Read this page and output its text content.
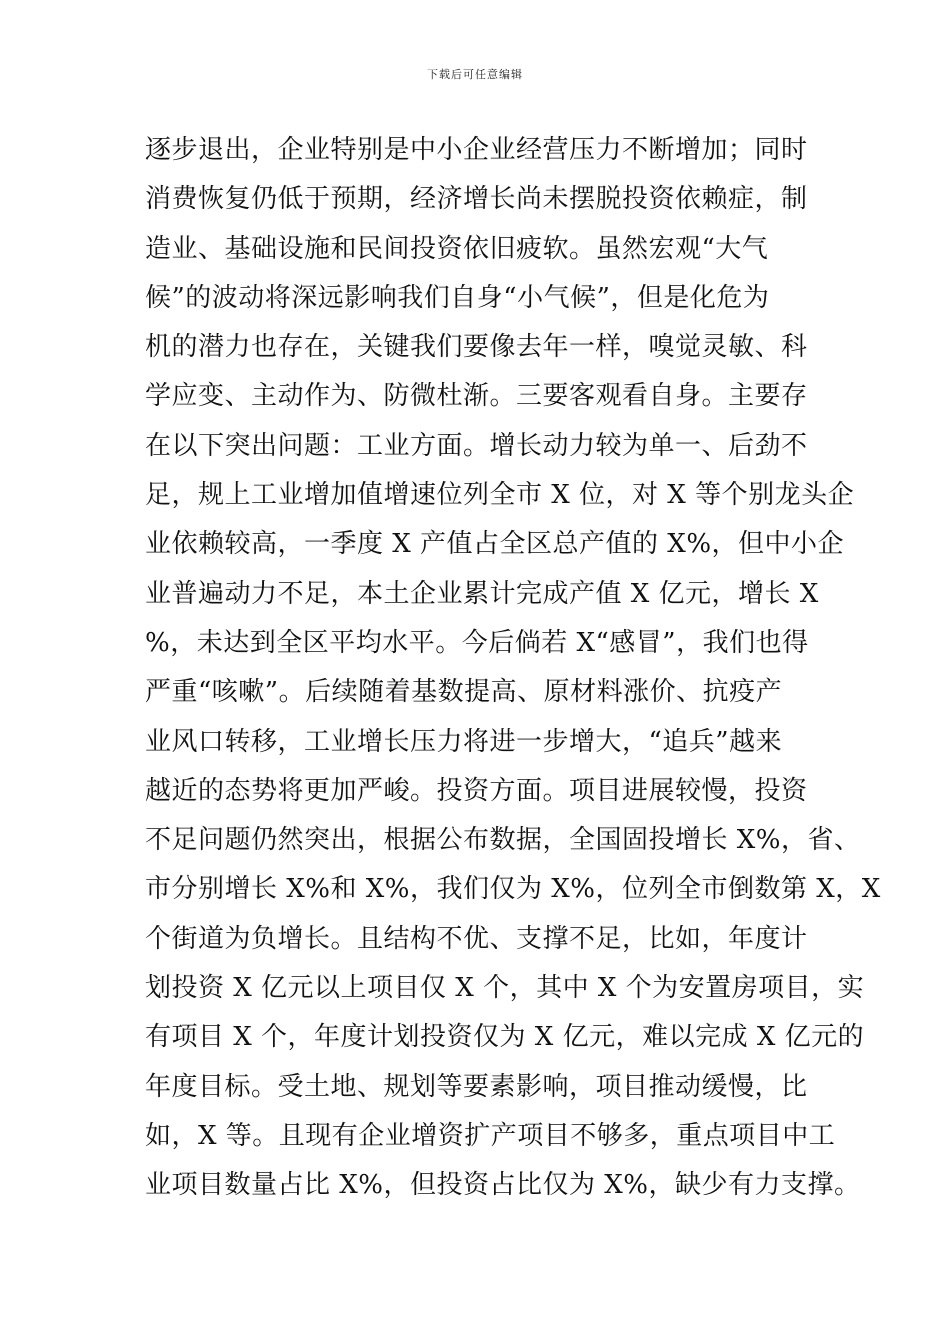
下载后可任意编辑
逐步退出，企业特别是中小企业经营压力不断增加；同时
消费恢复仍低于预期，经济增长尚未摆脱投资依赖症，制
造业、基础设施和民间投资依旧疲软。虽然宏观“大气
候”的波动将深远影响我们自身“小气候”，但是化危为
机的潜力也存在，关键我们要像去年一样，嗅觉灵敏、科
学应变、主动作为、防微杜渐。三要客观看自身。主要存
在以下突出问题：工业方面。增长动力较为单一、后劲不
足，规上工业增加值增速位列全市 X 位，对 X 等个别龙头企
业依赖较高，一季度 X 产值占全区总产值的 X%，但中小企
业普遍动力不足，本土企业累计完成产值 X 亿元，增长 X
%，未达到全区平均水平。今后倘若 X“感冒”，我们也得
严重“咳嗽”。后续随着基数提高、原材料涨价、抗疫产
业风口转移，工业增长压力将进一步增大，“追兵”越来
越近的态势将更加严峻。投资方面。项目进展较慢，投资
不足问题仍然突出，根据公布数据，全国固投增长 X%，省、
市分别增长 X%和 X%，我们仅为 X%，位列全市倒数第 X，X
个街道为负增长。且结构不优、支撑不足，比如，年度计
划投资 X 亿元以上项目仅 X 个，其中 X 个为安置房项目，实
有项目 X 个，年度计划投资仅为 X 亿元，难以完成 X 亿元的
年度目标。受土地、规划等要素影响，项目推动缓慢，比
如，X 等。且现有企业增资扩产项目不够多，重点项目中工
业项目数量占比 X%，但投资占比仅为 X%，缺少有力支撑。
